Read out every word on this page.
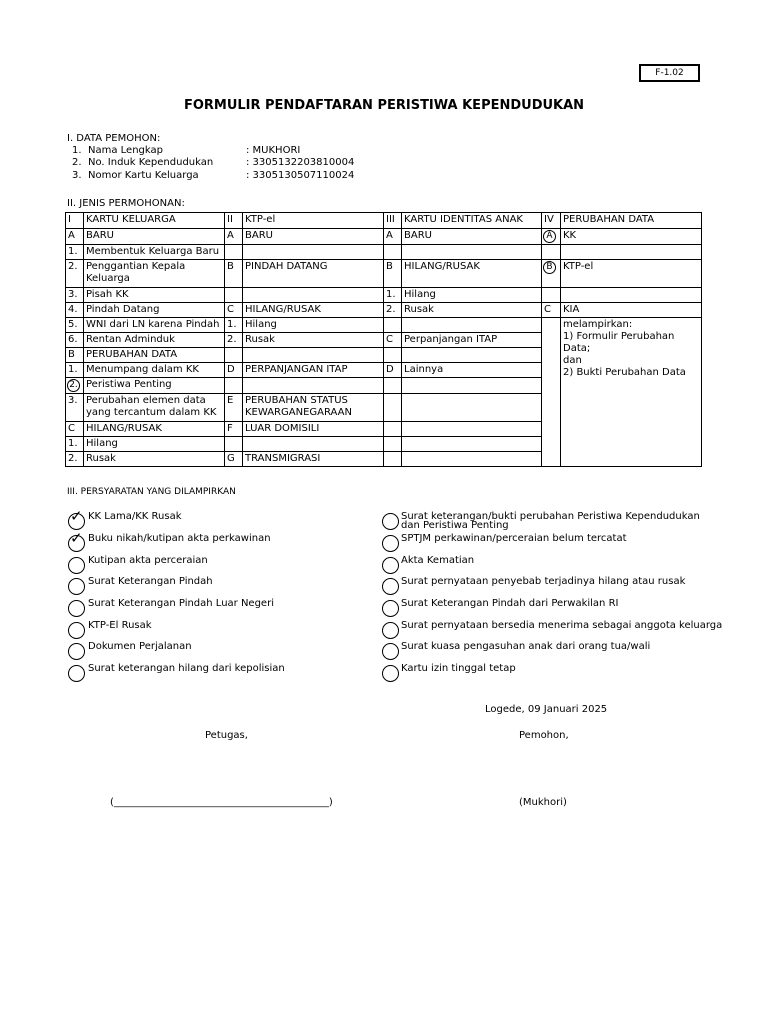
F-1.02
FORMULIR PENDAFTARAN PERISTIWA KEPENDUDUKAN
I. DATA PEMOHON:
1. Nama Lengkap	: MUKHORI
2. No. Induk Kependudukan	: 3305132203810004
3. Nomor Kartu Keluarga	: 3305130507110024
II. JENIS PERMOHONAN:
I	KARTU KELUARGA	II	KTP-el	III	KARTU IDENTITAS ANAK	IV	PERUBAHAN DATA
A	BARU	A	BARU	A	BARU	A	KK
1.	Membentuk Keluarga Baru						
2.	Penggantian Kepala Keluarga	B	PINDAH DATANG	B	HILANG/RUSAK	B	KTP-el
3.	Pisah KK			1.	Hilang		
4.	Pindah Datang	C	HILANG/RUSAK	2.	Rusak	C	KIA
5.	WNI dari LN karena Pindah	1.	Hilang				melampirkan:
1) Formulir Perubahan Data;
dan
2) Bukti Perubahan Data

6.	Rentan Adminduk	2.	Rusak	C	Perpanjangan ITAP		
B	PERUBAHAN DATA						
1.	Menumpang dalam KK	D	PERPANJANGAN ITAP	D	Lainnya		
2.	Peristiwa Penting						
3.	Perubahan elemen data yang tercantum dalam KK	E	PERUBAHAN STATUS KEWARGANEGARAAN				
C	HILANG/RUSAK	F	LUAR DOMISILI				
1.	Hilang						
2.	Rusak	G	TRANSMIGRASI				
III. PERSYARATAN YANG DILAMPIRKAN
✓ KK Lama/KK Rusak
✓ Buku nikah/kutipan akta perkawinan
Kutipan akta perceraian
Surat Keterangan Pindah
Surat Keterangan Pindah Luar Negeri
KTP-El Rusak
Dokumen Perjalanan
Surat keterangan hilang dari kepolisian
Surat keterangan/bukti perubahan Peristiwa Kependudukan dan Peristiwa Penting
SPTJM perkawinan/perceraian belum tercatat
Akta Kematian
Surat pernyataan penyebab terjadinya hilang atau rusak
Surat Keterangan Pindah dari Perwakilan RI
Surat pernyataan bersedia menerima sebagai anggota keluarga
Surat kuasa pengasuhan anak dari orang tua/wali
Kartu izin tinggal tetap
Logede, 09 Januari 2025
Petugas,	Pemohon,
(___________________________________________)	(Mukhori)
